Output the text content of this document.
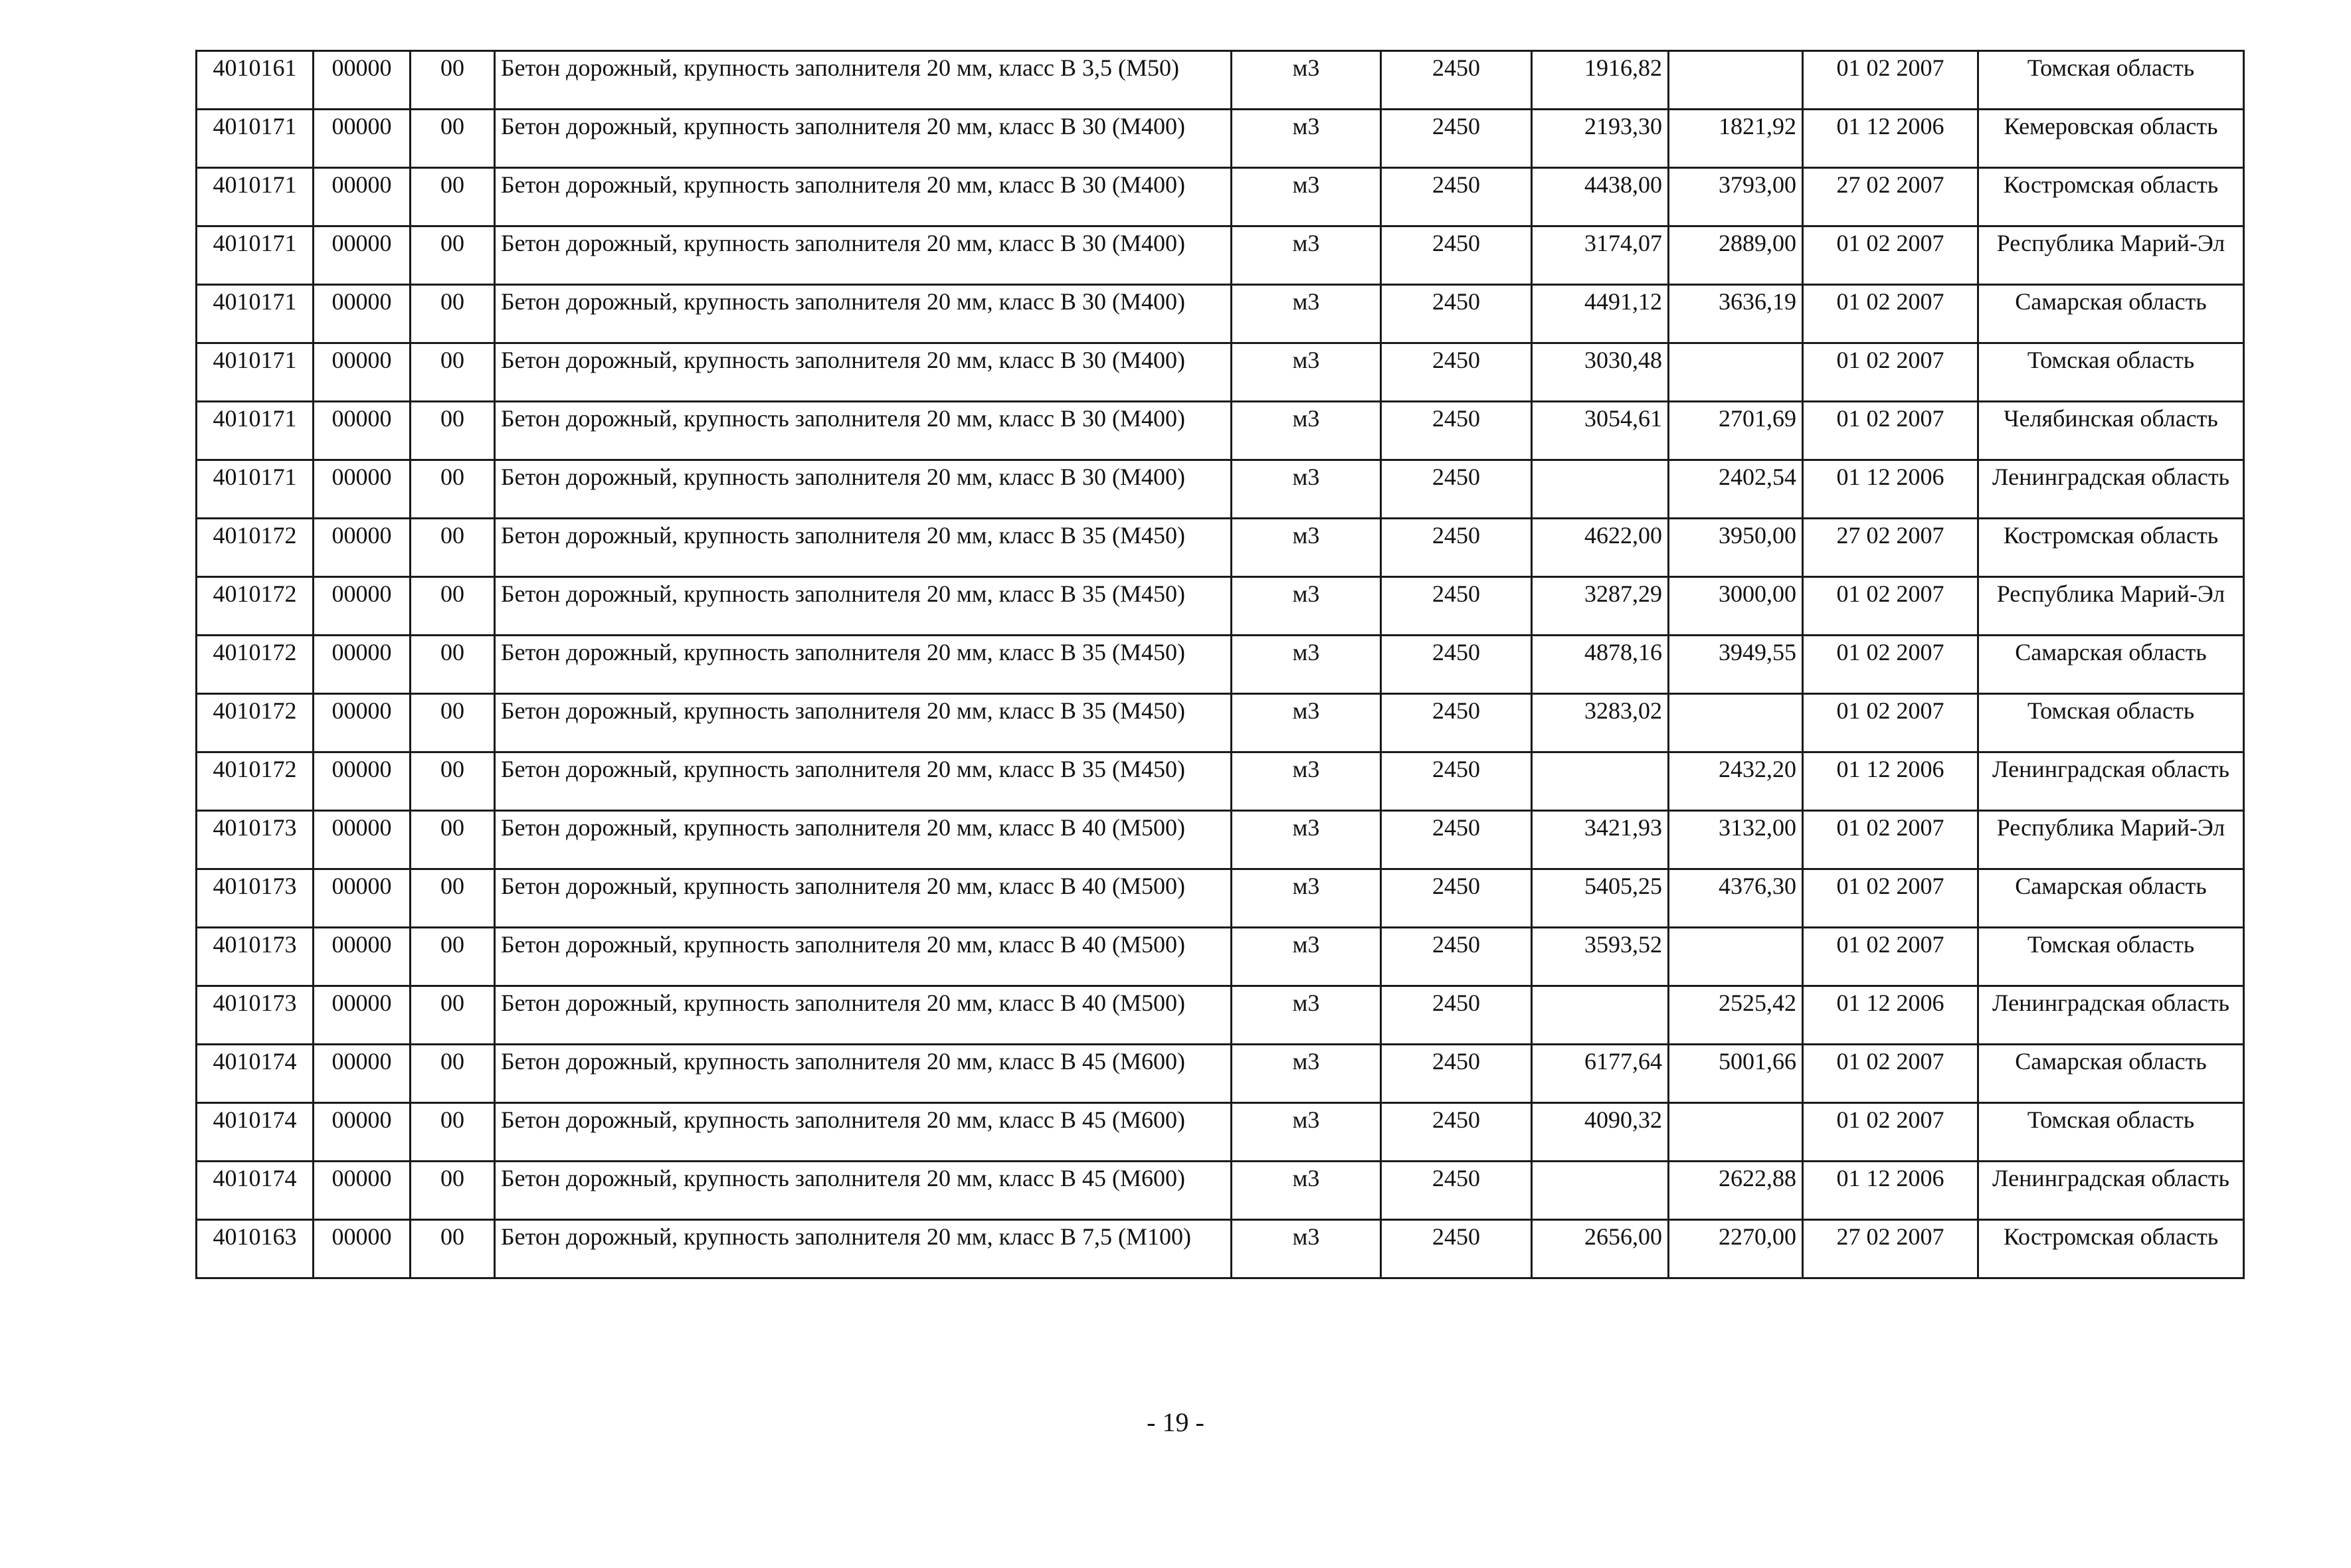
4010161	00000	00	Бетон дорожный, крупность заполнителя 20 мм, класс В 3,5 (М50)	м3	2450	1916,82		01 02 2007	Томская область
4010171	00000	00	Бетон дорожный, крупность заполнителя 20 мм, класс В 30 (М400)	м3	2450	2193,30	1821,92	01 12 2006	Кемеровская область
4010171	00000	00	Бетон дорожный, крупность заполнителя 20 мм, класс В 30 (М400)	м3	2450	4438,00	3793,00	27 02 2007	Костромская область
4010171	00000	00	Бетон дорожный, крупность заполнителя 20 мм, класс В 30 (М400)	м3	2450	3174,07	2889,00	01 02 2007	Республика Марий-Эл
4010171	00000	00	Бетон дорожный, крупность заполнителя 20 мм, класс В 30 (М400)	м3	2450	4491,12	3636,19	01 02 2007	Самарская область
4010171	00000	00	Бетон дорожный, крупность заполнителя 20 мм, класс В 30 (М400)	м3	2450	3030,48		01 02 2007	Томская область
4010171	00000	00	Бетон дорожный, крупность заполнителя 20 мм, класс В 30 (М400)	м3	2450	3054,61	2701,69	01 02 2007	Челябинская область
4010171	00000	00	Бетон дорожный, крупность заполнителя 20 мм, класс В 30 (М400)	м3	2450		2402,54	01 12 2006	Ленинградская область
4010172	00000	00	Бетон дорожный, крупность заполнителя 20 мм, класс В 35 (М450)	м3	2450	4622,00	3950,00	27 02 2007	Костромская область
4010172	00000	00	Бетон дорожный, крупность заполнителя 20 мм, класс В 35 (М450)	м3	2450	3287,29	3000,00	01 02 2007	Республика Марий-Эл
4010172	00000	00	Бетон дорожный, крупность заполнителя 20 мм, класс В 35 (М450)	м3	2450	4878,16	3949,55	01 02 2007	Самарская область
4010172	00000	00	Бетон дорожный, крупность заполнителя 20 мм, класс В 35 (М450)	м3	2450	3283,02		01 02 2007	Томская область
4010172	00000	00	Бетон дорожный, крупность заполнителя 20 мм, класс В 35 (М450)	м3	2450		2432,20	01 12 2006	Ленинградская область
4010173	00000	00	Бетон дорожный, крупность заполнителя 20 мм, класс В 40 (М500)	м3	2450	3421,93	3132,00	01 02 2007	Республика Марий-Эл
4010173	00000	00	Бетон дорожный, крупность заполнителя 20 мм, класс В 40 (М500)	м3	2450	5405,25	4376,30	01 02 2007	Самарская область
4010173	00000	00	Бетон дорожный, крупность заполнителя 20 мм, класс В 40 (М500)	м3	2450	3593,52		01 02 2007	Томская область
4010173	00000	00	Бетон дорожный, крупность заполнителя 20 мм, класс В 40 (М500)	м3	2450		2525,42	01 12 2006	Ленинградская область
4010174	00000	00	Бетон дорожный, крупность заполнителя 20 мм, класс В 45 (М600)	м3	2450	6177,64	5001,66	01 02 2007	Самарская область
4010174	00000	00	Бетон дорожный, крупность заполнителя 20 мм, класс В 45 (М600)	м3	2450	4090,32		01 02 2007	Томская область
4010174	00000	00	Бетон дорожный, крупность заполнителя 20 мм, класс В 45 (М600)	м3	2450		2622,88	01 12 2006	Ленинградская область
4010163	00000	00	Бетон дорожный, крупность заполнителя 20 мм, класс В 7,5 (М100)	м3	2450	2656,00	2270,00	27 02 2007	Костромская область
- 19 -
